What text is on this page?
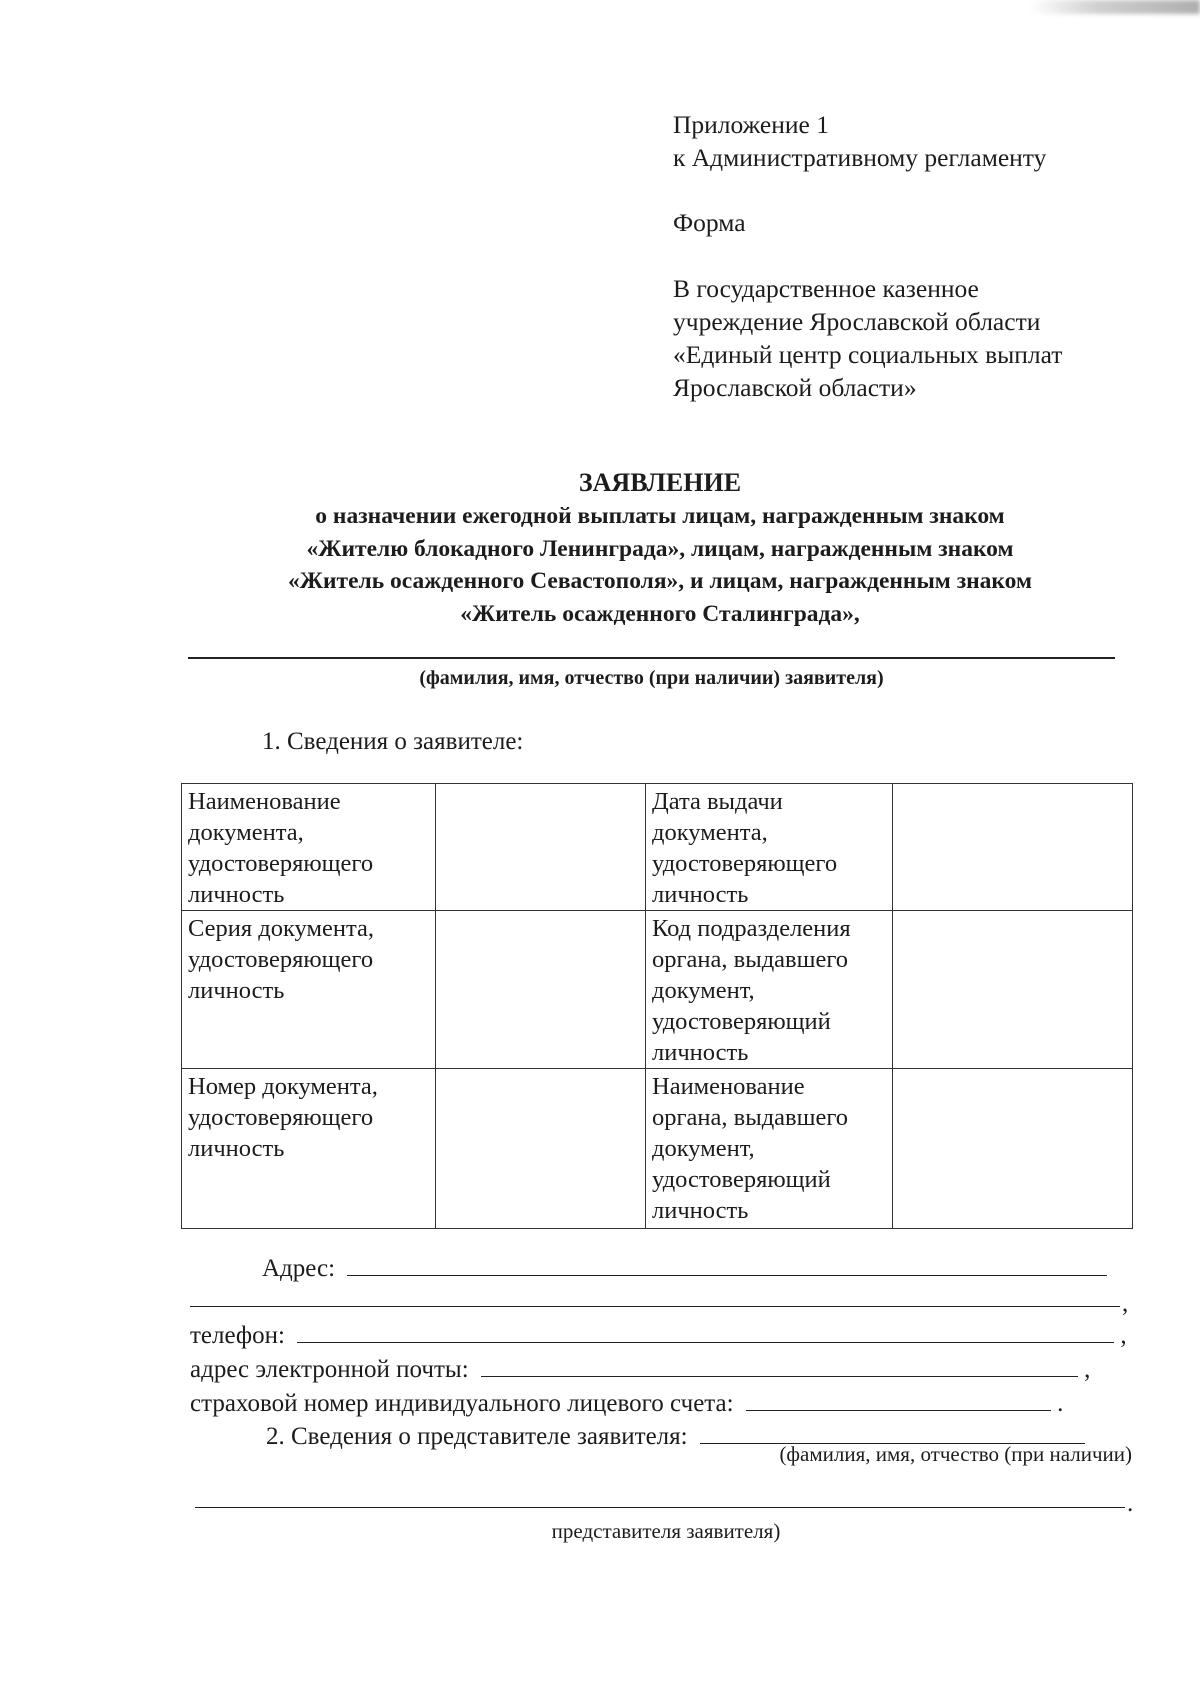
Приложение 1

к Административному регламенту

Форма

В государственное казенное

учреждение Ярославской области

«Единый центр социальных выплат

Ярославской области»

ЗАЯВЛЕНИЕ
о назначении ежегодной выплаты лицам, награжденным знаком
«Жителю блокадного Ленинграда», лицам, награжденным знаком
«Житель осажденного Севастополя», и лицам, награжденным знаком
«Житель осажденного Сталинграда»,
(фамилия, имя, отчество (при наличии) заявителя)
1. Сведения о заявителе:
Наименование документа, удостоверяющего личность		Дата выдачи документа, удостоверяющего личность	
Серия документа, удостоверяющего личность		Код подразделения органа, выдавшего документ, удостоверяющий личность	
Номер документа, удостоверяющего личность		Наименование органа, выдавшего документ, удостоверяющий личность	
Адрес:
,
телефон:	,
адрес электронной почты:	,
страховой номер индивидуального лицевого счета:	.
2. Сведения о представителе заявителя:
(фамилия, имя, отчество (при наличии)
.
представителя заявителя)
